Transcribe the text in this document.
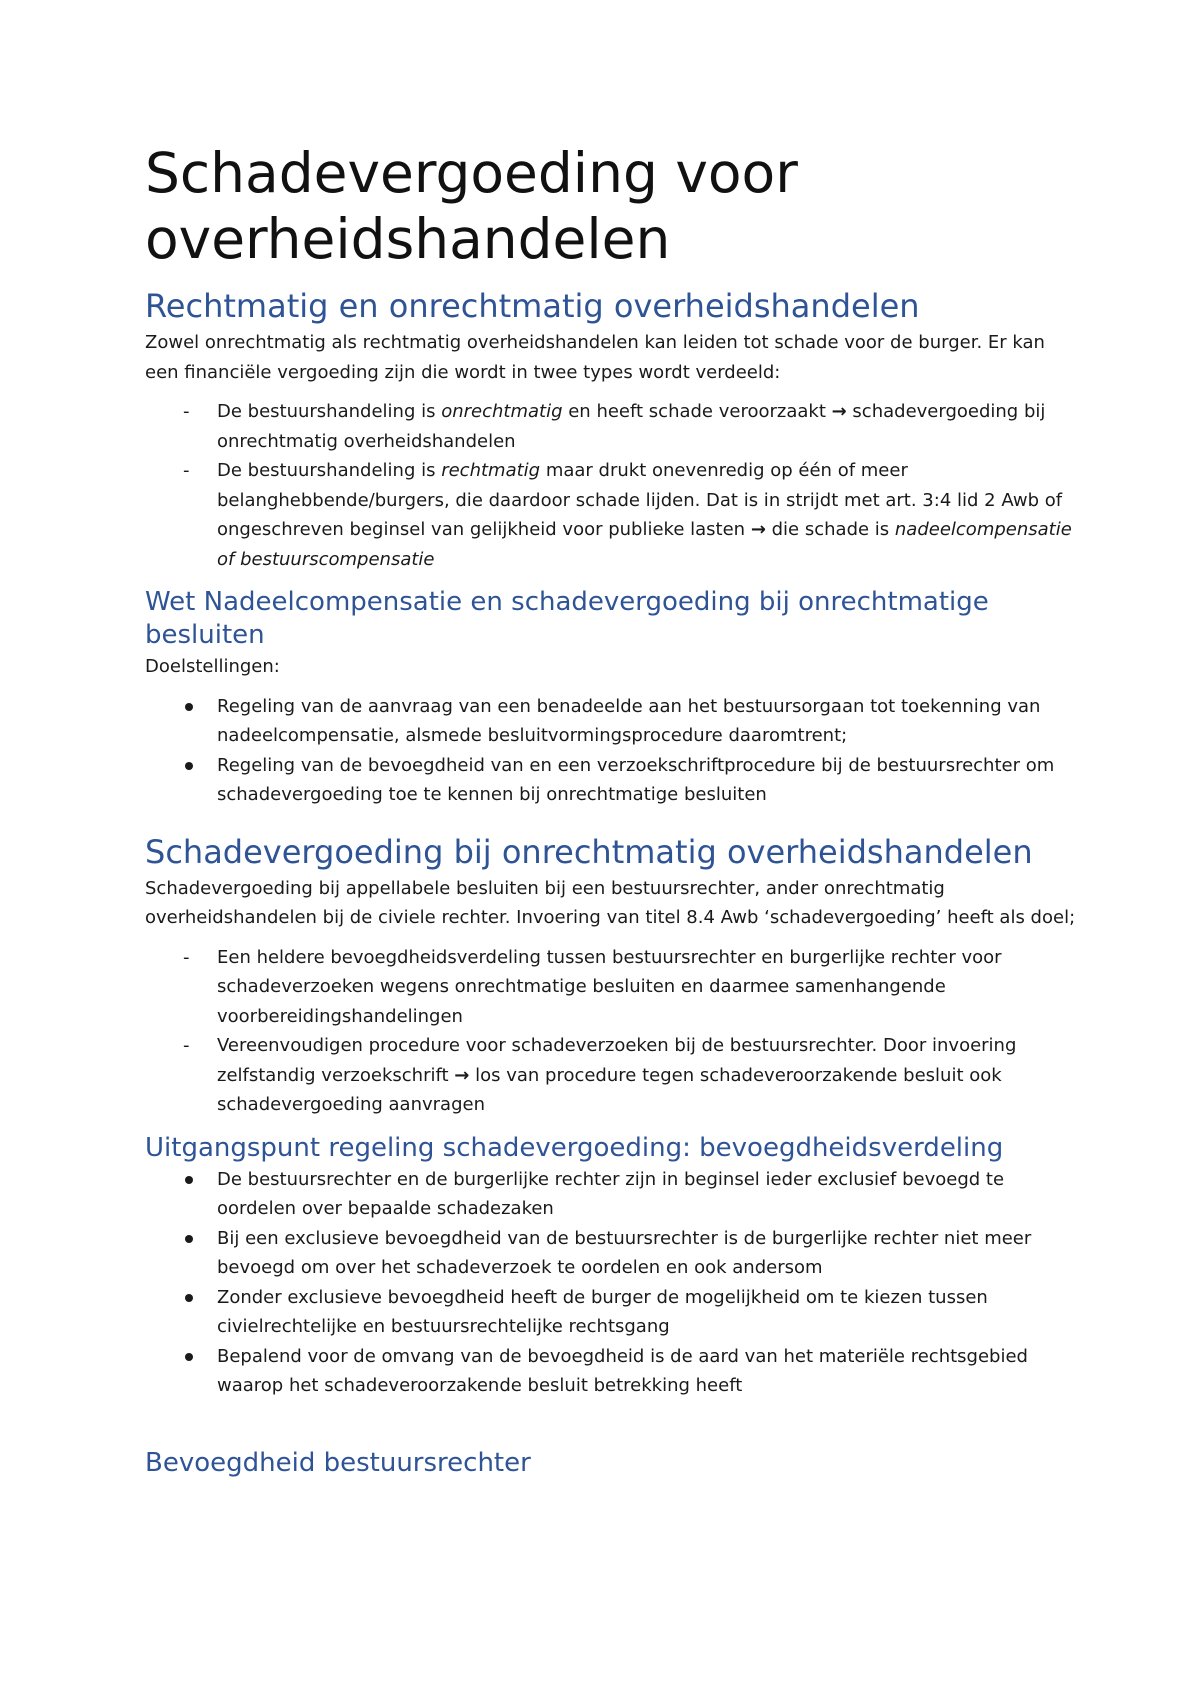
Schadevergoeding voor overheidshandelen
Rechtmatig en onrechtmatig overheidshandelen

Zowel onrechtmatig als rechtmatig overheidshandelen kan leiden tot schade voor de burger. Er kan een financiële vergoeding zijn die wordt in twee types wordt verdeeld:

- De bestuurshandeling is onrechtmatig en heeft schade veroorzaakt → schadevergoeding bij onrechtmatig overheidshandelen
- De bestuurshandeling is rechtmatig maar drukt onevenredig op één of meer belanghebbende/burgers, die daardoor schade lijden. Dat is in strijdt met art. 3:4 lid 2 Awb of ongeschreven beginsel van gelijkheid voor publieke lasten → die schade is nadeelcompensatie of bestuurscompensatie
Wet Nadeelcompensatie en schadevergoeding bij onrechtmatige besluiten

Doelstellingen:

Regeling van de aanvraag van een benadeelde aan het bestuursorgaan tot toekenning van nadeelcompensatie, alsmede besluitvormingsprocedure daaromtrent;
Regeling van de bevoegdheid van en een verzoekschriftprocedure bij de bestuursrechter om schadevergoeding toe te kennen bij onrechtmatige besluiten
Schadevergoeding bij onrechtmatig overheidshandelen

Schadevergoeding bij appellabele besluiten bij een bestuursrechter, ander onrechtmatig overheidshandelen bij de civiele rechter. Invoering van titel 8.4 Awb ‘schadevergoeding’ heeft als doel;

- Een heldere bevoegdheidsverdeling tussen bestuursrechter en burgerlijke rechter voor schadeverzoeken wegens onrechtmatige besluiten en daarmee samenhangende voorbereidingshandelingen
- Vereenvoudigen procedure voor schadeverzoeken bij de bestuursrechter. Door invoering zelfstandig verzoekschrift → los van procedure tegen schadeveroorzakende besluit ook schadevergoeding aanvragen
Uitgangspunt regeling schadevergoeding: bevoegdheidsverdeling
De bestuursrechter en de burgerlijke rechter zijn in beginsel ieder exclusief bevoegd te oordelen over bepaalde schadezaken
Bij een exclusieve bevoegdheid van de bestuursrechter is de burgerlijke rechter niet meer bevoegd om over het schadeverzoek te oordelen en ook andersom
Zonder exclusieve bevoegdheid heeft de burger de mogelijkheid om te kiezen tussen civielrechtelijke en bestuursrechtelijke rechtsgang
Bepalend voor de omvang van de bevoegdheid is de aard van het materiële rechtsgebied waarop het schadeveroorzakende besluit betrekking heeft
Bevoegdheid bestuursrechter
